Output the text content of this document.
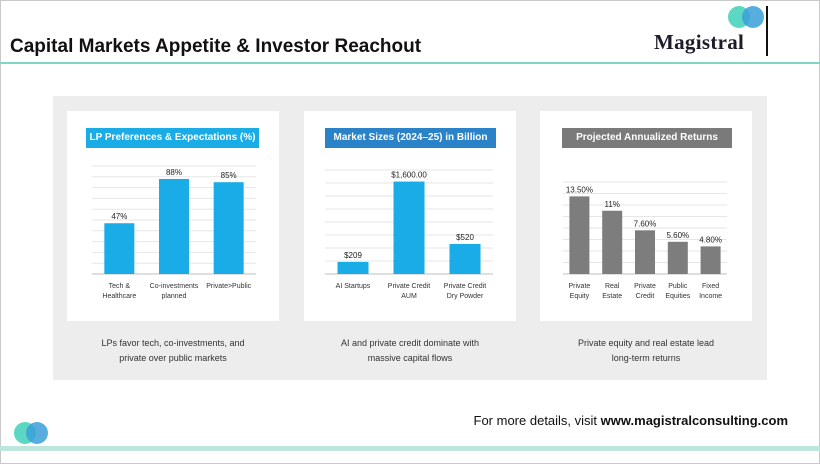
Capital Markets Appetite & Investor Reachout	Magistral
LP Preferences & Expectations (%)
47%
Tech &
Healthcare
88%
Co-investments
planned
85%
Private>Public
LPs favor tech, co-investments, and
private over public markets
Market Sizes (2024–25) in Billion
$209
AI Startups
$1,600.00
Private Credit
AUM
$520
Private Credit
Dry Powder
AI and private credit dominate with
massive capital flows
Projected Annualized Returns
13.50%
Private
Equity
11%
Real
Estate
7.60%
Private
Credit
5.60%
Public
Equities
4.80%
Fixed
Income
Private equity and real estate lead
long-term returns
For more details, visit www.magistralconsulting.com
